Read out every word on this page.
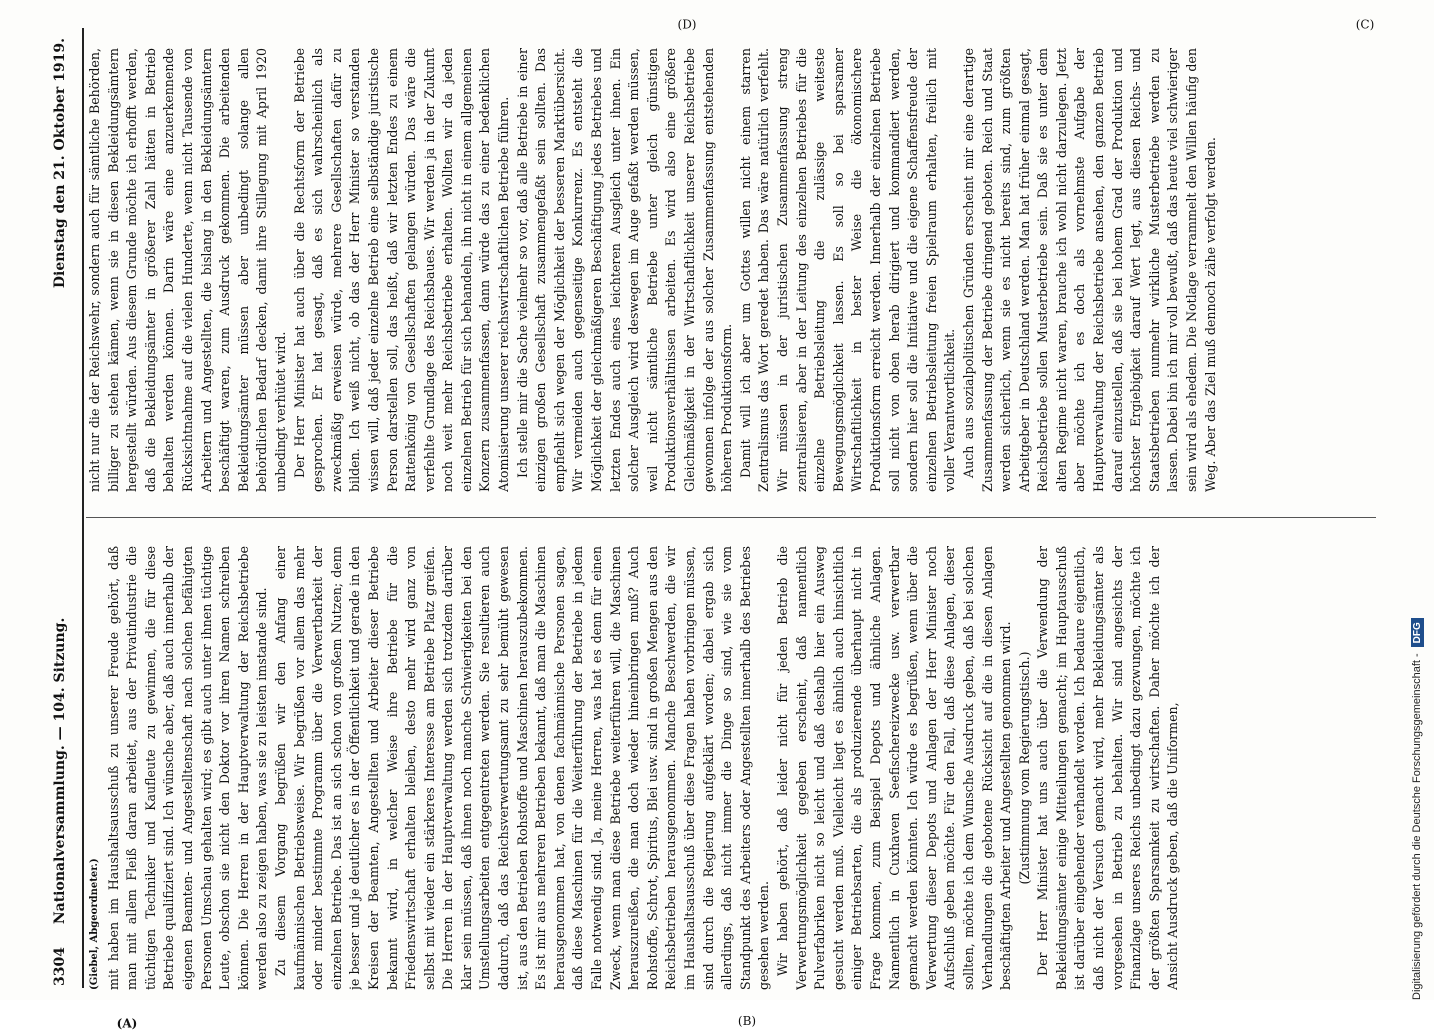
3304 Nationalversammlung. — 104. Sitzung.
Dienstag den 21. Oktober 1919.
(A)	(B)
(C)
(D)

(Giebel, Abgeordneter.) mit haben im Haushaltsausschuß zu unserer Freude gehört, daß man mit allem Fleiß daran arbeitet, aus der Privatindustrie die tüchtigen Techniker und Kaufleute zu gewinnen, die für diese Betriebe qualifiziert sind. Ich wünsche aber, daß auch innerhalb der eigenen Beamten- und Angestelltenschaft nach solchen befähigten Personen Umschau gehalten wird; es gibt auch unter ihnen tüchtige Leute, obschon sie nicht den Doktor vor ihren Namen schreiben können. Die Herren in der Hauptverwaltung der Reichsbetriebe werden also zu zeigen haben, was sie zu leisten imstande sind. Zu diesem Vorgang begrüßen wir den Anfang einer kaufmännischen Betriebsweise. Wir begrüßen vor allem das mehr oder minder bestimmte Programm über die Verwertbarkeit der einzelnen Betriebe. Das ist an sich schon von großem Nutzen; denn je besser und je deutlicher es in der Öffentlichkeit und gerade in den Kreisen der Beamten, Angestellten und Arbeiter dieser Betriebe bekannt wird, in welcher Weise ihre Betriebe für die Friedenswirtschaft erhalten bleiben, desto mehr wird ganz von selbst mit wieder ein stärkeres Interesse am Betriebe Platz greifen. Die Herren in der Hauptverwaltung werden sich trotzdem darüber klar sein müssen, daß ihnen noch manche Schwierigkeiten bei den Umstellungsarbeiten entgegentreten werden. Sie resultieren auch dadurch, daß das Reichsverwertungsamt zu sehr bemüht gewesen ist, aus den Betrieben Rohstoffe und Maschinen herauszubekommen. Es ist mir aus mehreren Betrieben bekannt, daß man die Maschinen herausgenommen hat, von denen fachmännische Personen sagen, daß diese Maschinen für die Weiterführung der Betriebe in jedem Falle notwendig sind. Ja, meine Herren, was hat es denn für einen Zweck, wenn man diese Betriebe weiterführen will, die Maschinen herauszureißen, die man doch wieder hineinbringen muß? Auch Rohstoffe, Schrot, Spiritus, Blei usw. sind in großen Mengen aus den Reichsbetrieben herausgenommen. Manche Beschwerden, die wir im Haushaltsausschuß über diese Fragen haben vorbringen müssen, sind durch die Regierung aufgeklärt worden; dabei ergab sich allerdings, daß nicht immer die Dinge so sind, wie sie vom Standpunkt des Arbeiters oder Angestellten innerhalb des Betriebes gesehen werden. Wir haben gehört, daß leider nicht für jeden Betrieb die Verwertungsmöglichkeit gegeben erscheint, daß namentlich Pulverfabriken nicht so leicht und daß deshalb hier ein Ausweg gesucht werden muß. Vielleicht liegt es ähnlich auch hinsichtlich einiger Betriebsarten, die als produzierende überhaupt nicht in Frage kommen, zum Beispiel Depots und ähnliche Anlagen. Namentlich in Cuxhaven Seefischereizwecke usw. verwertbar gemacht werden könnten. Ich würde es begrüßen, wenn über die Verwertung dieser Depots und Anlagen der Herr Minister noch Aufschluß geben möchte. Für den Fall, daß diese Anlagen, dieser sollten, möchte ich dem Wunsche Ausdruck geben, daß bei solchen Verhandlungen die gebotene Rücksicht auf die in diesen Anlagen beschäftigten Arbeiter und Angestellten genommen wird. (Zustimmung vom Regierungstisch.) Der Herr Minister hat uns auch über die Verwendung der Bekleidungsämter einige Mitteilungen gemacht; im Hauptausschuß ist darüber eingehender verhandelt worden. Ich bedaure eigentlich, daß nicht der Versuch gemacht wird, mehr Bekleidungsämter als vorgesehen in Betrieb zu behalten. Wir sind angesichts der Finanzlage unseres Reichs unbedingt dazu gezwungen, möchte ich der größten Sparsamkeit zu wirtschaften. Daher möchte ich der Ansicht Ausdruck geben, daß die Uniformen,

nicht nur die der Reichswehr, sondern auch für sämtliche Behörden, billiger zu stehen kämen, wenn sie in diesen Bekleidungsämtern hergestellt würden. Aus diesem Grunde möchte ich erhofft werden, daß die Bekleidungsämter in größerer Zahl hätten in Betrieb behalten werden können. Darin wäre eine anzuerkennende Rücksichtnahme auf die vielen Hunderte, wenn nicht Tausende von Arbeitern und Angestellten, die bislang in den Bekleidungsämtern beschäftigt waren, zum Ausdruck gekommen. Die arbeitenden Bekleidungsämter müssen aber unbedingt solange allen behördlichen Bedarf decken, damit ihre Stillegung mit April 1920 unbedingt verhütet wird. Der Herr Minister hat auch über die Rechtsform der Betriebe gesprochen. Er hat gesagt, daß es sich wahrscheinlich als zweckmäßig erweisen würde, mehrere Gesellschaften dafür zu bilden. Ich weiß nicht, ob das der Herr Minister so verstanden wissen will, daß jeder einzelne Betrieb eine selbständige juristische Person darstellen soll, das heißt, daß wir letzten Endes zu einem Rattenkönig von Gesellschaften gelangen würden. Das wäre die verfehlte Grundlage des Reichsbaues. Wir werden ja in der Zukunft noch weit mehr Reichsbetriebe erhalten. Wollten wir da jeden einzelnen Betrieb für sich behandeln, ihn nicht in einem allgemeinen Konzern zusammenfassen, dann würde das zu einer bedenklichen Atomisierung unserer reichswirtschaftlichen Betriebe führen. Ich stelle mir die Sache vielmehr so vor, daß alle Betriebe in einer einzigen großen Gesellschaft zusammengefaßt sein sollten. Das empfiehlt sich wegen der Möglichkeit der besseren Marktübersicht. Wir vermeiden auch gegenseitige Konkurrenz. Es entsteht die Möglichkeit der gleichmäßigeren Beschäftigung jedes Betriebes und letzten Endes auch eines leichteren Ausgleich unter ihnen. Ein solcher Ausgleich wird deswegen im Auge gefaßt werden müssen, weil nicht sämtliche Betriebe unter gleich günstigen Produktionsverhältnissen arbeiten. Es wird also eine größere Gleichmäßigkeit in der Wirtschaftlichkeit unserer Reichsbetriebe gewonnen infolge der aus solcher Zusammenfassung entstehenden höheren Produktionsform. Damit will ich aber um Gottes willen nicht einem starren Zentralismus das Wort geredet haben. Das wäre natürlich verfehlt. Wir müssen in der juristischen Zusammenfassung streng zentralisieren, aber in der Leitung des einzelnen Betriebes für die einzelne Betriebsleitung die zulässige weiteste Bewegungsmöglichkeit lassen. Es soll so bei sparsamer Wirtschaftlichkeit in bester Weise die ökonomischere Produktionsform erreicht werden. Innerhalb der einzelnen Betriebe soll nicht von oben herab dirigiert und kommandiert werden, sondern hier soll die Initiative und die eigene Schaffensfreude der einzelnen Betriebsleitung freien Spielraum erhalten, freilich mit voller Verantwortlichkeit. Auch aus sozialpolitischen Gründen erscheint mir eine derartige Zusammenfassung der Betriebe dringend geboten. Reich und Staat werden sicherlich, wenn sie es nicht bereits sind, zum größten Arbeitgeber in Deutschland werden. Man hat früher einmal gesagt, Reichsbetriebe sollen Musterbetriebe sein. Daß sie es unter dem alten Regime nicht waren, brauche ich wohl nicht darzulegen. Jetzt aber möchte ich es doch als vornehmste Aufgabe der Hauptverwaltung der Reichsbetriebe ansehen, den ganzen Betrieb darauf einzustellen, daß sie bei hohem Grad der Produktion und höchster Ergiebigkeit darauf Wert legt, aus diesen Reichs- und Staatsbetrieben nunmehr wirkliche Musterbetriebe werden zu lassen. Dabei bin ich mir voll bewußt, daß das heute viel schwieriger sein wird als ehedem. Die Notlage verrammelt den Willen häufig den Weg. Aber das Ziel muß dennoch zähe verfolgt werden.

Digitalisierung gefördert durch die Deutsche Forschungsgemeinschaft -
DFG
